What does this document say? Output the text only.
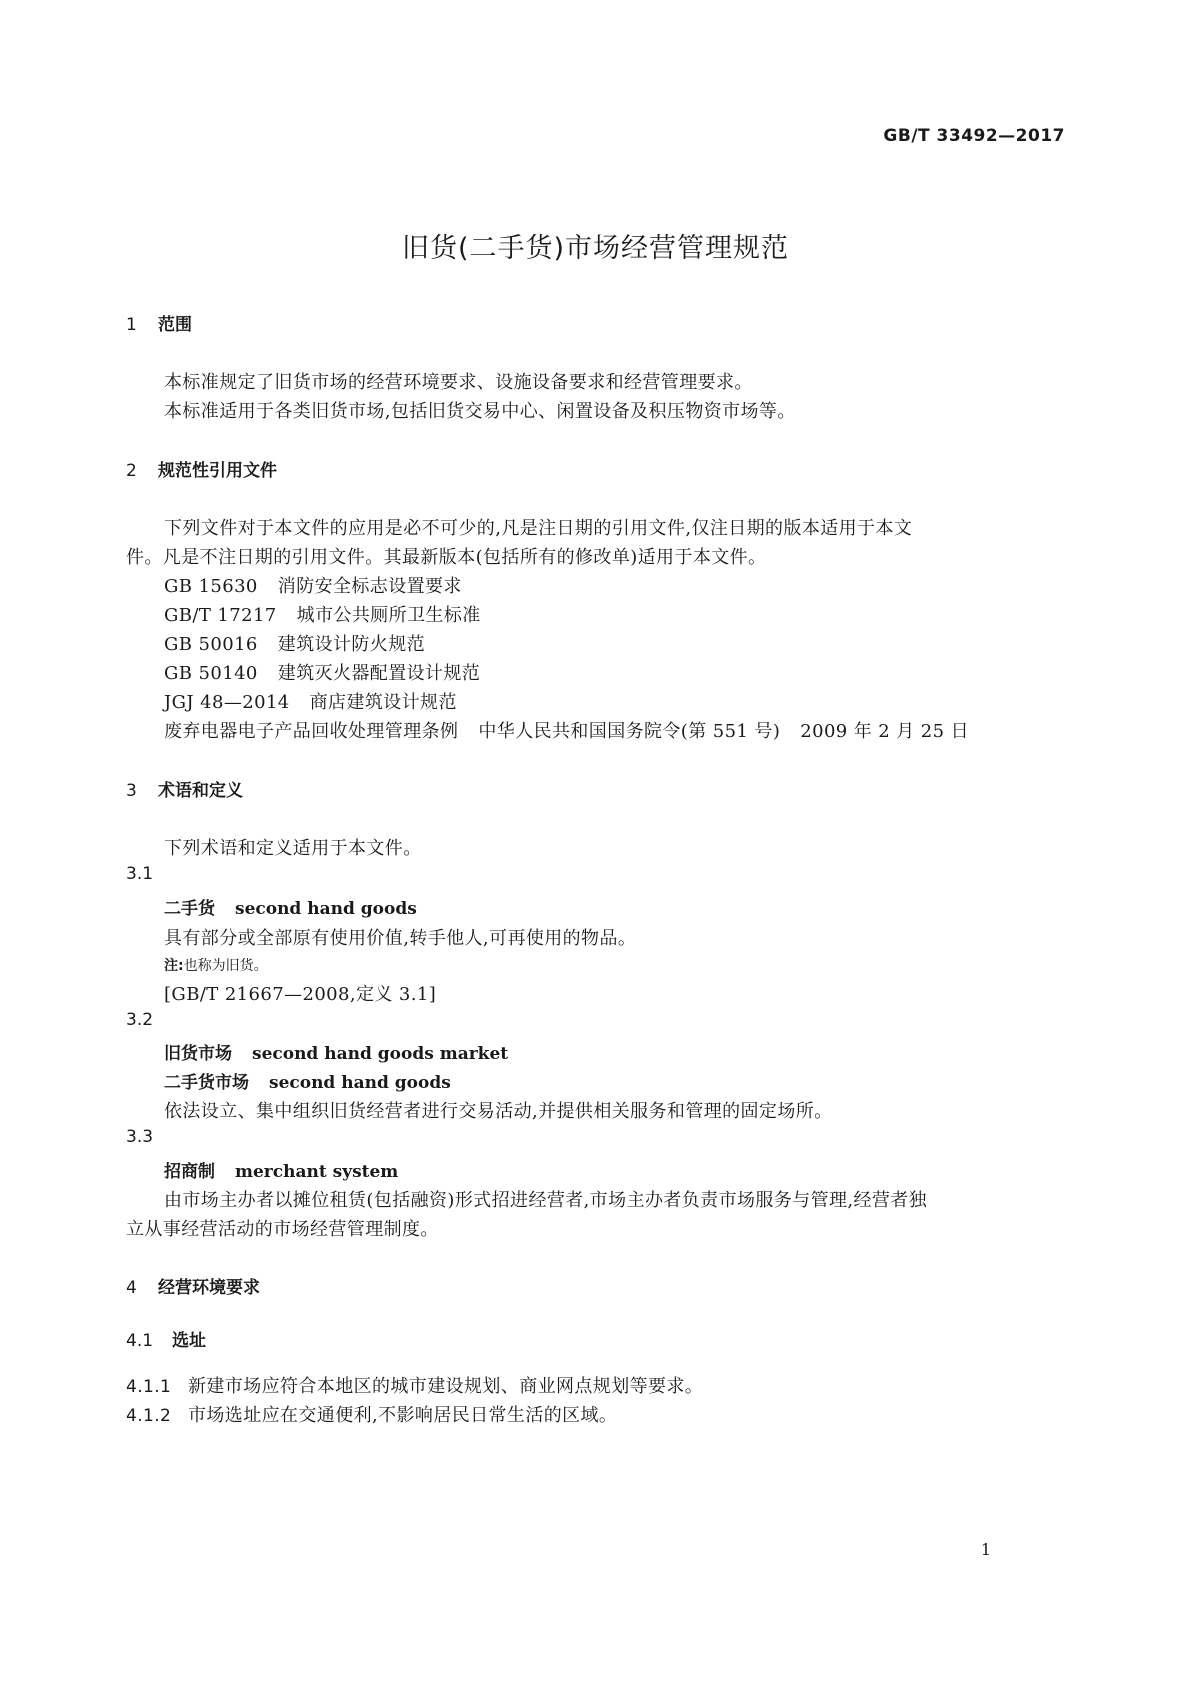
GB/T 33492—2017
旧货(二手货)市场经营管理规范
1 范围
本标准规定了旧货市场的经营环境要求、设施设备要求和经营管理要求。
本标准适用于各类旧货市场,包括旧货交易中心、闲置设备及积压物资市场等。
2 规范性引用文件
下列文件对于本文件的应用是必不可少的,凡是注日期的引用文件,仅注日期的版本适用于本文
件。凡是不注日期的引用文件。其最新版本(包括所有的修改单)适用于本文件。
GB 15630 消防安全标志设置要求
GB/T 17217 城市公共厕所卫生标准
GB 50016 建筑设计防火规范
GB 50140 建筑灭火器配置设计规范
JGJ 48—2014 商店建筑设计规范
废弃电器电子产品回收处理管理条例 中华人民共和国国务院令(第 551 号) 2009 年 2 月 25 日
3 术语和定义
下列术语和定义适用于本文件。
3.1
二手货 second hand goods
具有部分或全部原有使用价值,转手他人,可再使用的物品。
注:也称为旧货。
[GB/T 21667—2008,定义 3.1]
3.2
旧货市场 second hand goods market
二手货市场 second hand goods
依法设立、集中组织旧货经营者进行交易活动,并提供相关服务和管理的固定场所。
3.3
招商制 merchant system
由市场主办者以摊位租赁(包括融资)形式招进经营者,市场主办者负责市场服务与管理,经营者独
立从事经营活动的市场经营管理制度。
4 经营环境要求
4.1 选址
4.1.1 新建市场应符合本地区的城市建设规划、商业网点规划等要求。
4.1.2 市场选址应在交通便利,不影响居民日常生活的区域。
1
